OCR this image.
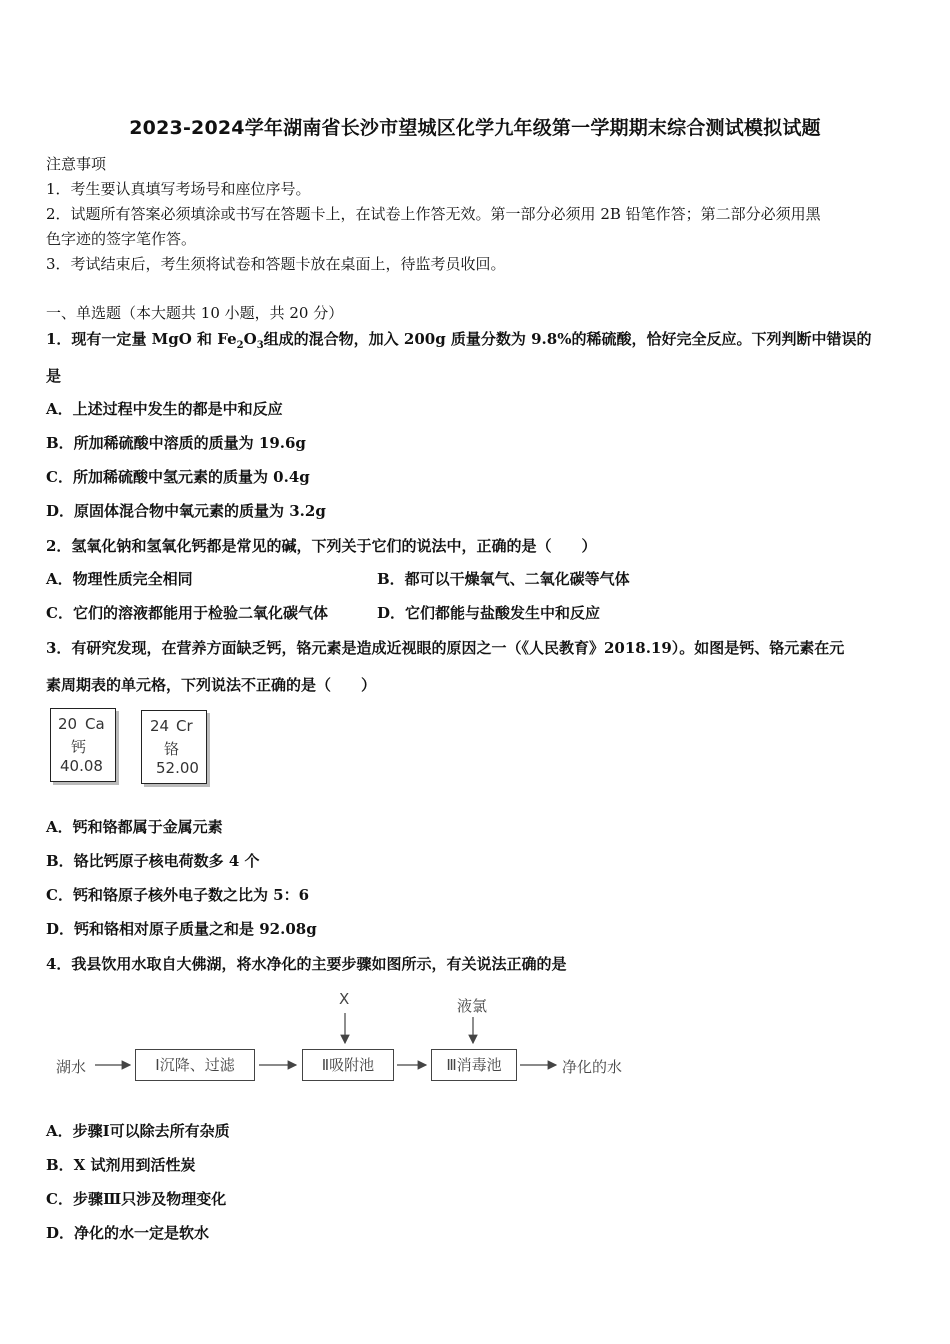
2023-2024学年湖南省长沙市望城区化学九年级第一学期期末综合测试模拟试题
注意事项
1．考生要认真填写考场号和座位序号。
2．试题所有答案必须填涂或书写在答题卡上，在试卷上作答无效。第一部分必须用 2B 铅笔作答；第二部分必须用黑
色字迹的签字笔作答。
3．考试结束后，考生须将试卷和答题卡放在桌面上，待监考员收回。
一、单选题（本大题共 10 小题，共 20 分）
1．现有一定量 MgO 和 $Fe_2O_3$组成的混合物，加入 200g 质量分数为 9.8%的稀硫酸，恰好完全反应。下列判断中错误的
是
A．上述过程中发生的都是中和反应
B．所加稀硫酸中溶质的质量为 19.6g
C．所加稀硫酸中氢元素的质量为 0.4g
D．原固体混合物中氧元素的质量为 3.2g
2．氢氧化钠和氢氧化钙都是常见的碱，下列关于它们的说法中，正确的是（　　）
A．物理性质完全相同	B．都可以干燥氧气、二氧化碳等气体
C．它们的溶液都能用于检验二氧化碳气体	D．它们都能与盐酸发生中和反应
3．有研究发现，在营养方面缺乏钙，铬元素是造成近视眼的原因之一（《人民教育》2018.19）。如图是钙、铬元素在元
素周期表的单元格，下列说法不正确的是（　　）
20 Ca
钙
40.08
24 Cr
铬
52.00
A．钙和铬都属于金属元素
B．铬比钙原子核电荷数多 4 个
C．钙和铬原子核外电子数之比为 5：6
D．钙和铬相对原子质量之和是 92.08g
4．我县饮用水取自大佛湖，将水净化的主要步骤如图所示，有关说法正确的是
湖水	Ⅰ沉降、过滤	Ⅱ吸附池	Ⅲ消毒池	净化的水
X	液氯
A．步骤Ⅰ可以除去所有杂质
B．X 试剂用到活性炭
C．步骤Ⅲ只涉及物理变化
D．净化的水一定是软水
